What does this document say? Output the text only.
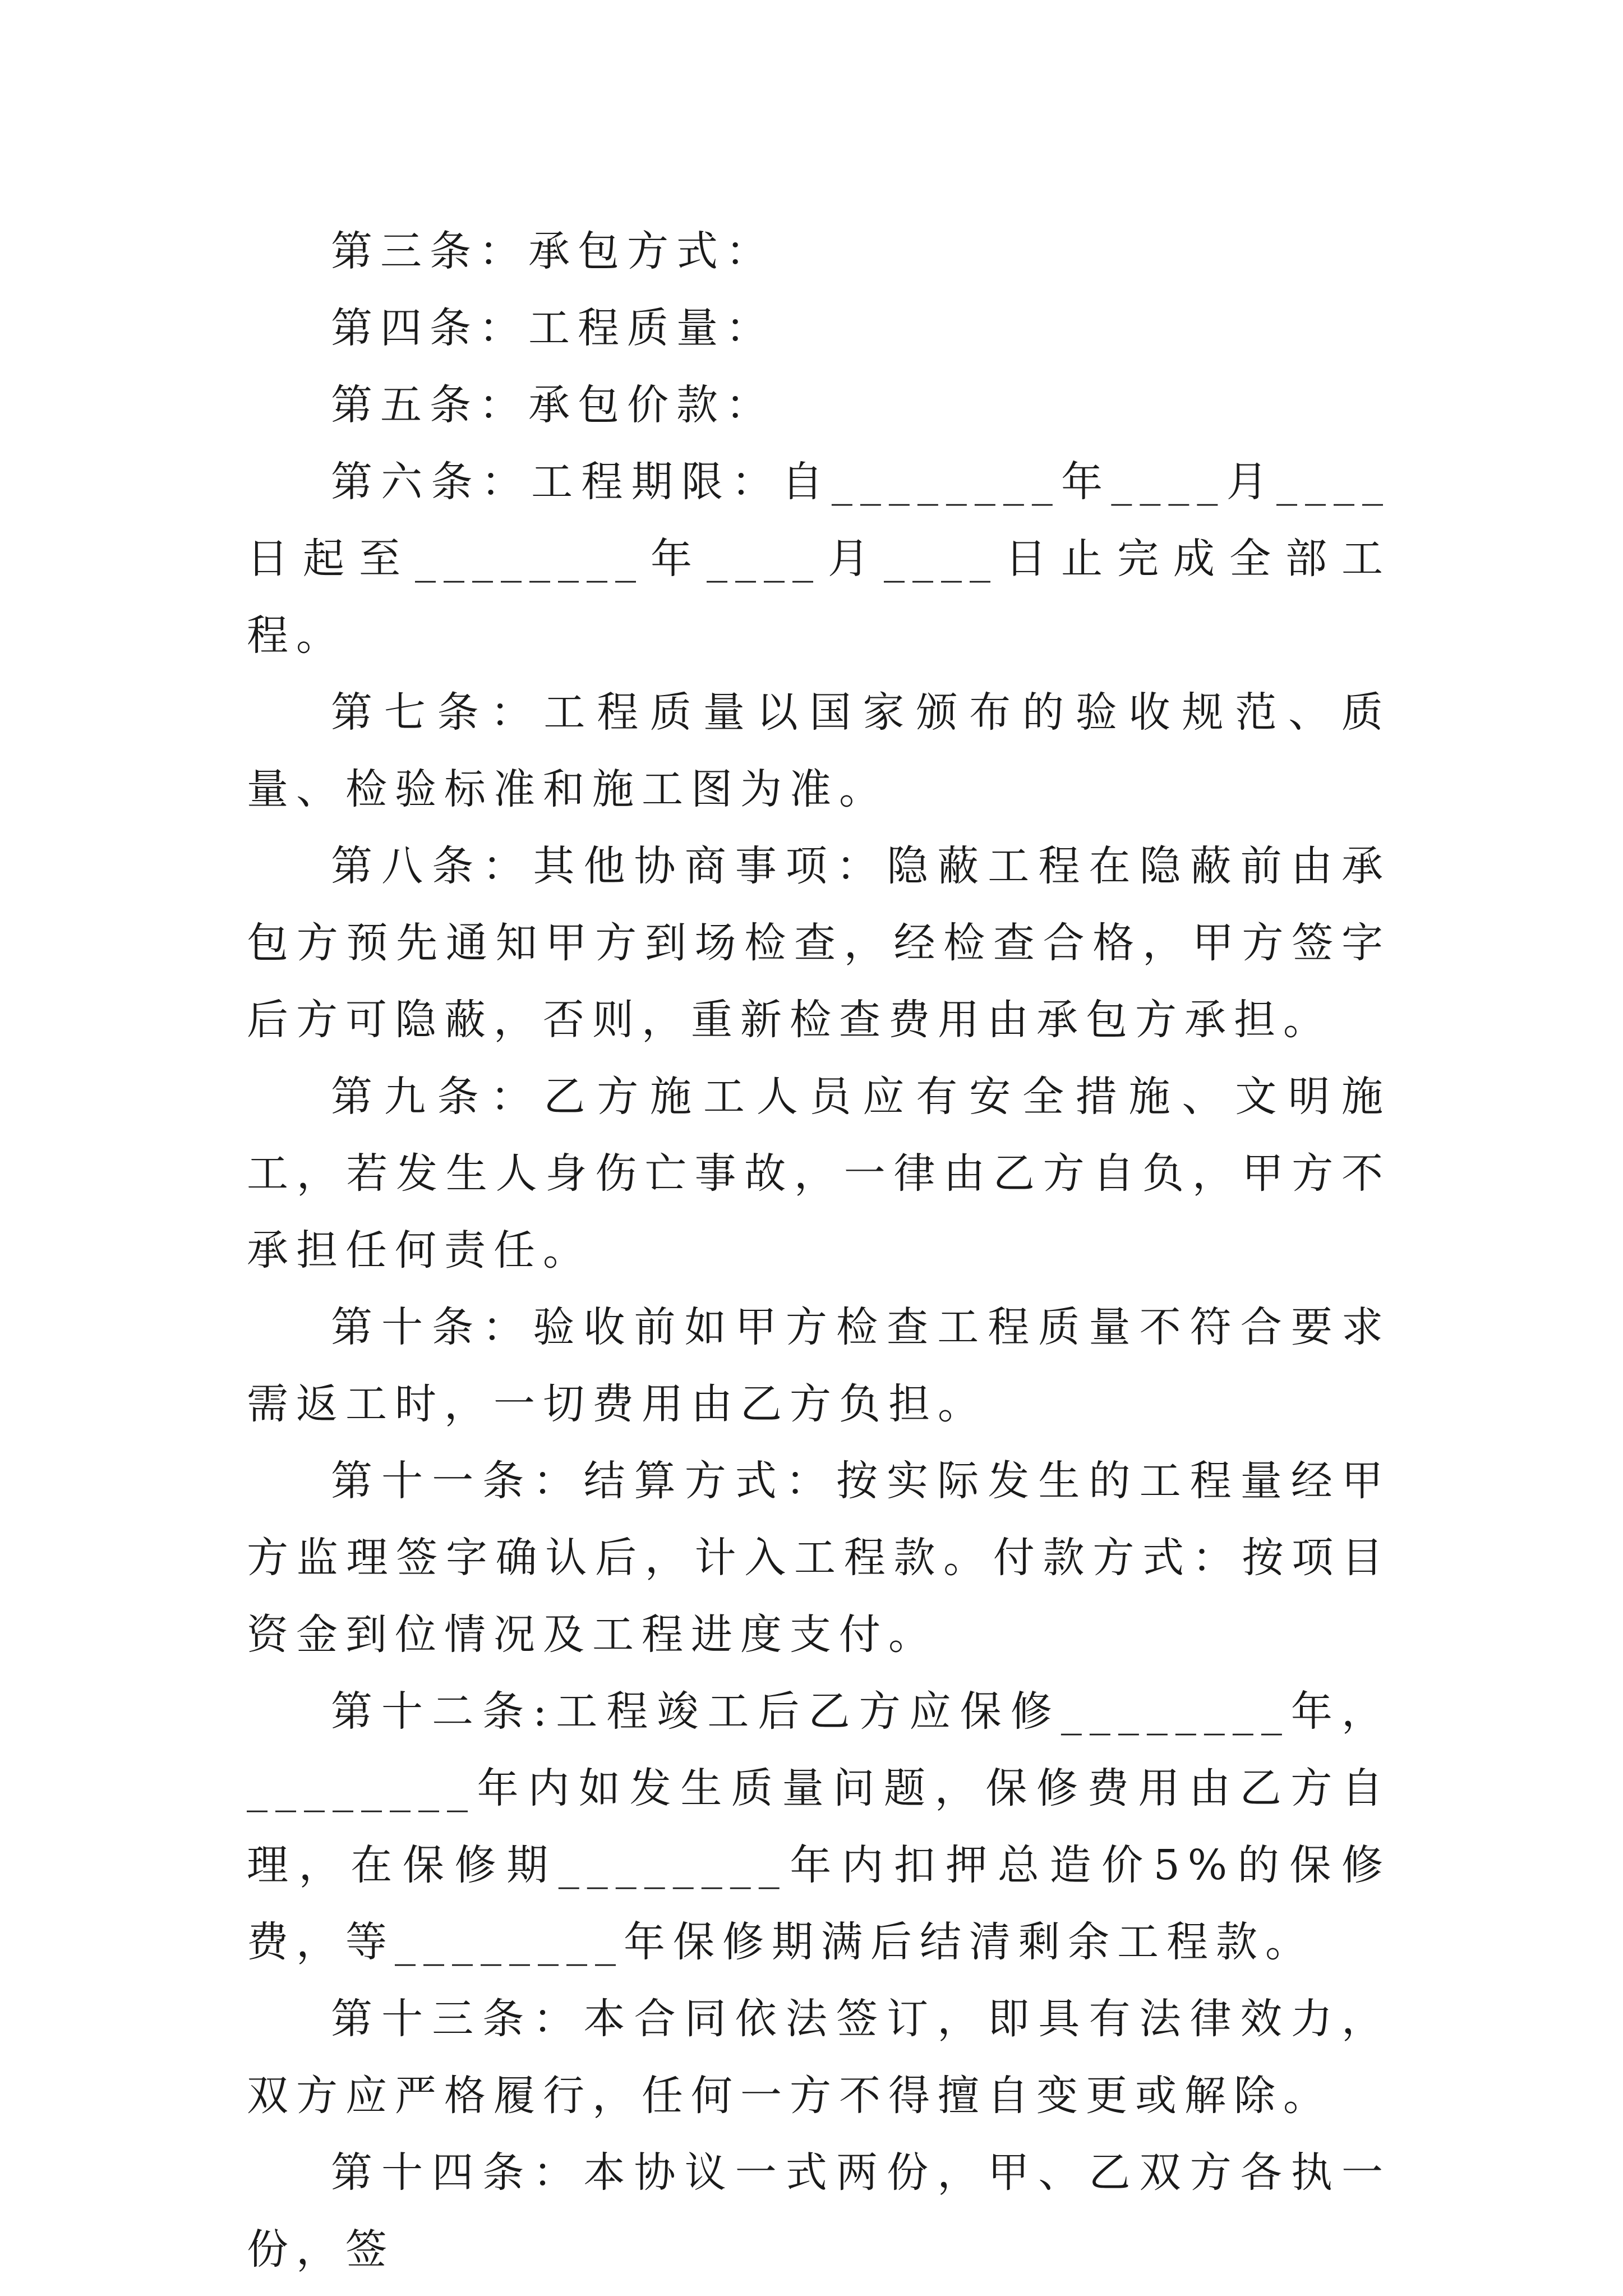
第三条：承包方式：

第四条：工程质量：

第五条：承包价款：

第六条：工程期限：自________年____月____日起至________年____月____日止完成全部工程。

第七条：工程质量以国家颁布的验收规范、质量、检验标准和施工图为准。

第八条：其他协商事项：隐蔽工程在隐蔽前由承包方预先通知甲方到场检查，经检查合格，甲方签字后方可隐蔽，否则，重新检查费用由承包方承担。

第九条：乙方施工人员应有安全措施、文明施工，若发生人身伤亡事故，一律由乙方自负，甲方不承担任何责任。

第十条：验收前如甲方检查工程质量不符合要求需返工时，一切费用由乙方负担。

第十一条：结算方式：按实际发生的工程量经甲方监理签字确认后，计入工程款。付款方式：按项目资金到位情况及工程进度支付。

第十二条:工程竣工后乙方应保修________年，________年内如发生质量问题，保修费用由乙方自理，在保修期________年内扣押总造价5%的保修费，等________年保修期满后结清剩余工程款。

第十三条：本合同依法签订，即具有法律效力，双方应严格履行，任何一方不得擅自变更或解除。

第十四条：本协议一式两份，甲、乙双方各执一份，签
